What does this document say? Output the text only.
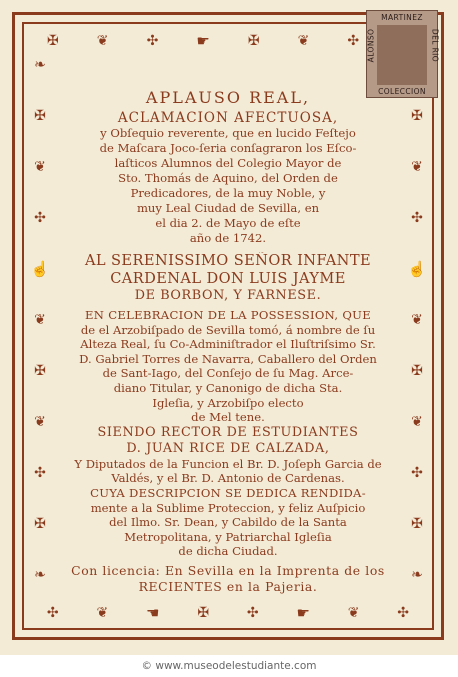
✠	❦	✣	☛	✠	❦	✣
✣	❦	☚	✠	✣	☛	❦	✣
❧
✠
❦
✣
☝
❦
✠
❦
✣
✠
❧
✠
❦
✣
☝
❦
✠
❦
✣
✠
❧
APLAUSO REAL,
ACLAMACION AFECTUOSA,
y Obſequio reverente, que en lucido Feſtejo
de Maſcara Joco-ſeria conſagraron los Eſco-
laſticos Alumnos del Colegio Mayor de
Sto. Thomás de Aquino, del Orden de
Predicadores, de la muy Noble, y
muy Leal Ciudad de Sevilla, en
el dia 2. de Mayo de eſte
año de 1742.
AL SERENISSIMO SEÑOR INFANTE
CARDENAL DON LUIS JAYME
DE BORBON, Y FARNESE.
EN CELEBRACION DE LA POSSESSION, QUE
de el Arzobiſpado de Sevilla tomó, á nombre de ſu
Alteza Real, ſu Co-Adminiſtrador el Iluſtriſsimo Sr.
D. Gabriel Torres de Navarra, Caballero del Orden
de Sant-Iago, del Conſejo de ſu Mag. Arce-
diano Titular, y Canonigo de dicha Sta.
Igleſia, y Arzobiſpo electo
de Mel tene.
SIENDO RECTOR DE ESTUDIANTES
D. JUAN RICE DE CALZADA,
Y Diputados de la Funcion el Br. D. Joſeph Garcia de
Valdés, y el Br. D. Antonio de Cardenas.
CUYA DESCRIPCION SE DEDICA RENDIDA-
mente a la Sublime Proteccion, y feliz Auſpicio
del Ilmo. Sr. Dean, y Cabildo de la Santa
Metropolitana, y Patriarchal Igleſia
de dicha Ciudad.
Con licencia: En Sevilla en la Imprenta de los
RECIENTES en la Pajeria.
MARTINEZ
ALONSO	DEL RIO
COLECCION
© www.museodelestudiante.com
